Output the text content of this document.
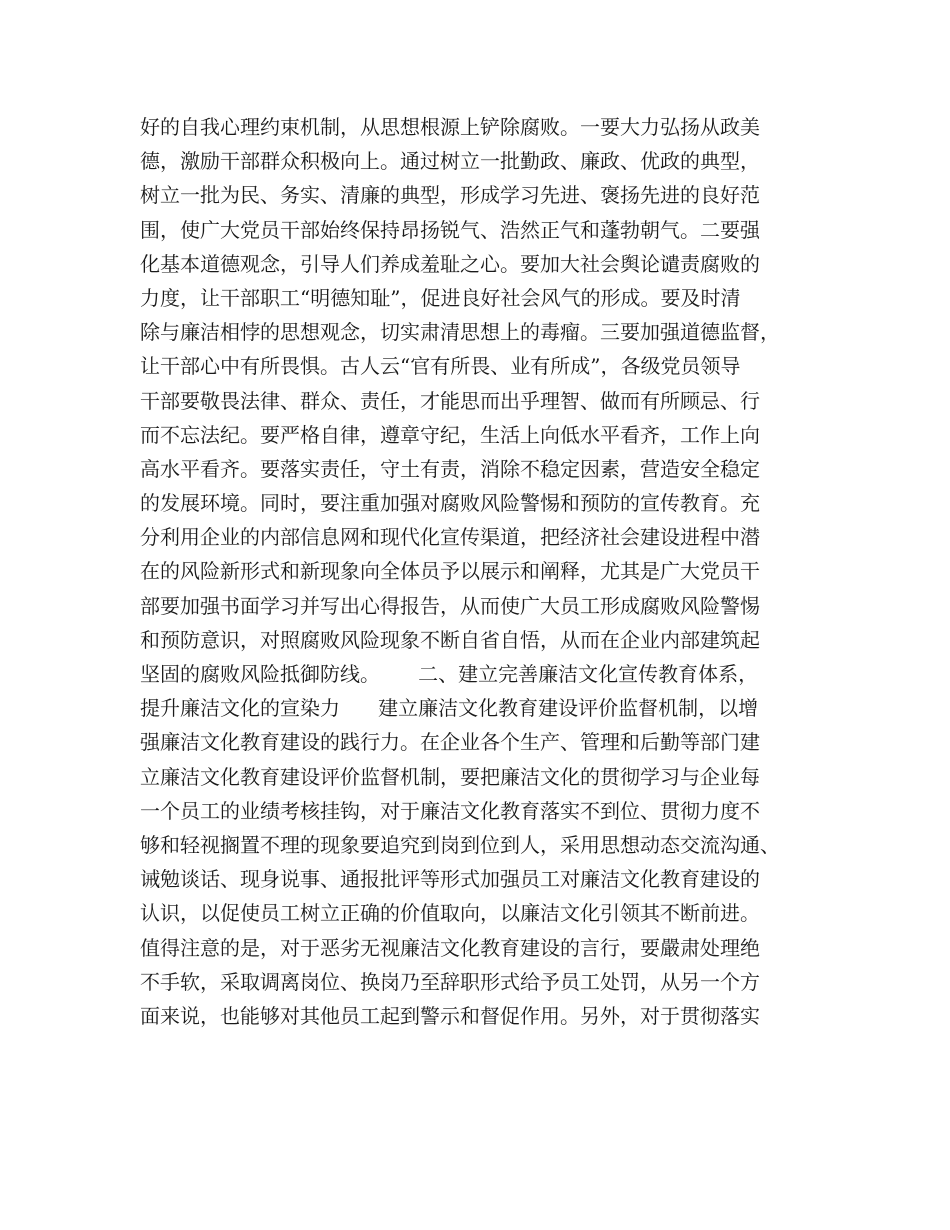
好的自我心理约束机制，从思想根源上铲除腐败。一要大力弘扬从政美
德，激励干部群众积极向上。通过树立一批勤政、廉政、优政的典型，
树立一批为民、务实、清廉的典型，形成学习先进、褒扬先进的良好范
围，使广大党员干部始终保持昂扬锐气、浩然正气和蓬勃朝气。二要强
化基本道德观念，引导人们养成羞耻之心。要加大社会舆论谴责腐败的
力度，让干部职工“明德知耻”，促进良好社会风气的形成。要及时清
除与廉洁相悖的思想观念，切实肃清思想上的毒瘤。三要加强道德监督，
让干部心中有所畏惧。古人云“官有所畏、业有所成”，各级党员领导
干部要敬畏法律、群众、责任，才能思而出乎理智、做而有所顾忌、行
而不忘法纪。要严格自律，遵章守纪，生活上向低水平看齐，工作上向
高水平看齐。要落实责任，守土有责，消除不稳定因素，营造安全稳定
的发展环境。同时，要注重加强对腐败风险警惕和预防的宣传教育。充
分利用企业的内部信息网和现代化宣传渠道，把经济社会建设进程中潜
在的风险新形式和新现象向全体员予以展示和阐释，尤其是广大党员干
部要加强书面学习并写出心得报告，从而使广大员工形成腐败风险警惕
和预防意识，对照腐败风险现象不断自省自悟，从而在企业内部建筑起
坚固的腐败风险抵御防线。      二、建立完善廉洁文化宣传教育体系，
提升廉洁文化的宣染力      建立廉洁文化教育建设评价监督机制，以增
强廉洁文化教育建设的践行力。在企业各个生产、管理和后勤等部门建
立廉洁文化教育建设评价监督机制，要把廉洁文化的贯彻学习与企业每
一个员工的业绩考核挂钩，对于廉洁文化教育落实不到位、贯彻力度不
够和轻视搁置不理的现象要追究到岗到位到人，采用思想动态交流沟通、
诫勉谈话、现身说事、通报批评等形式加强员工对廉洁文化教育建设的
认识，以促使员工树立正确的价值取向，以廉洁文化引领其不断前进。
值得注意的是，对于恶劣无视廉洁文化教育建设的言行，要嚴肃处理绝
不手软，采取调离岗位、换岗乃至辞职形式给予员工处罚，从另一个方
面来说，也能够对其他员工起到警示和督促作用。另外，对于贯彻落实
